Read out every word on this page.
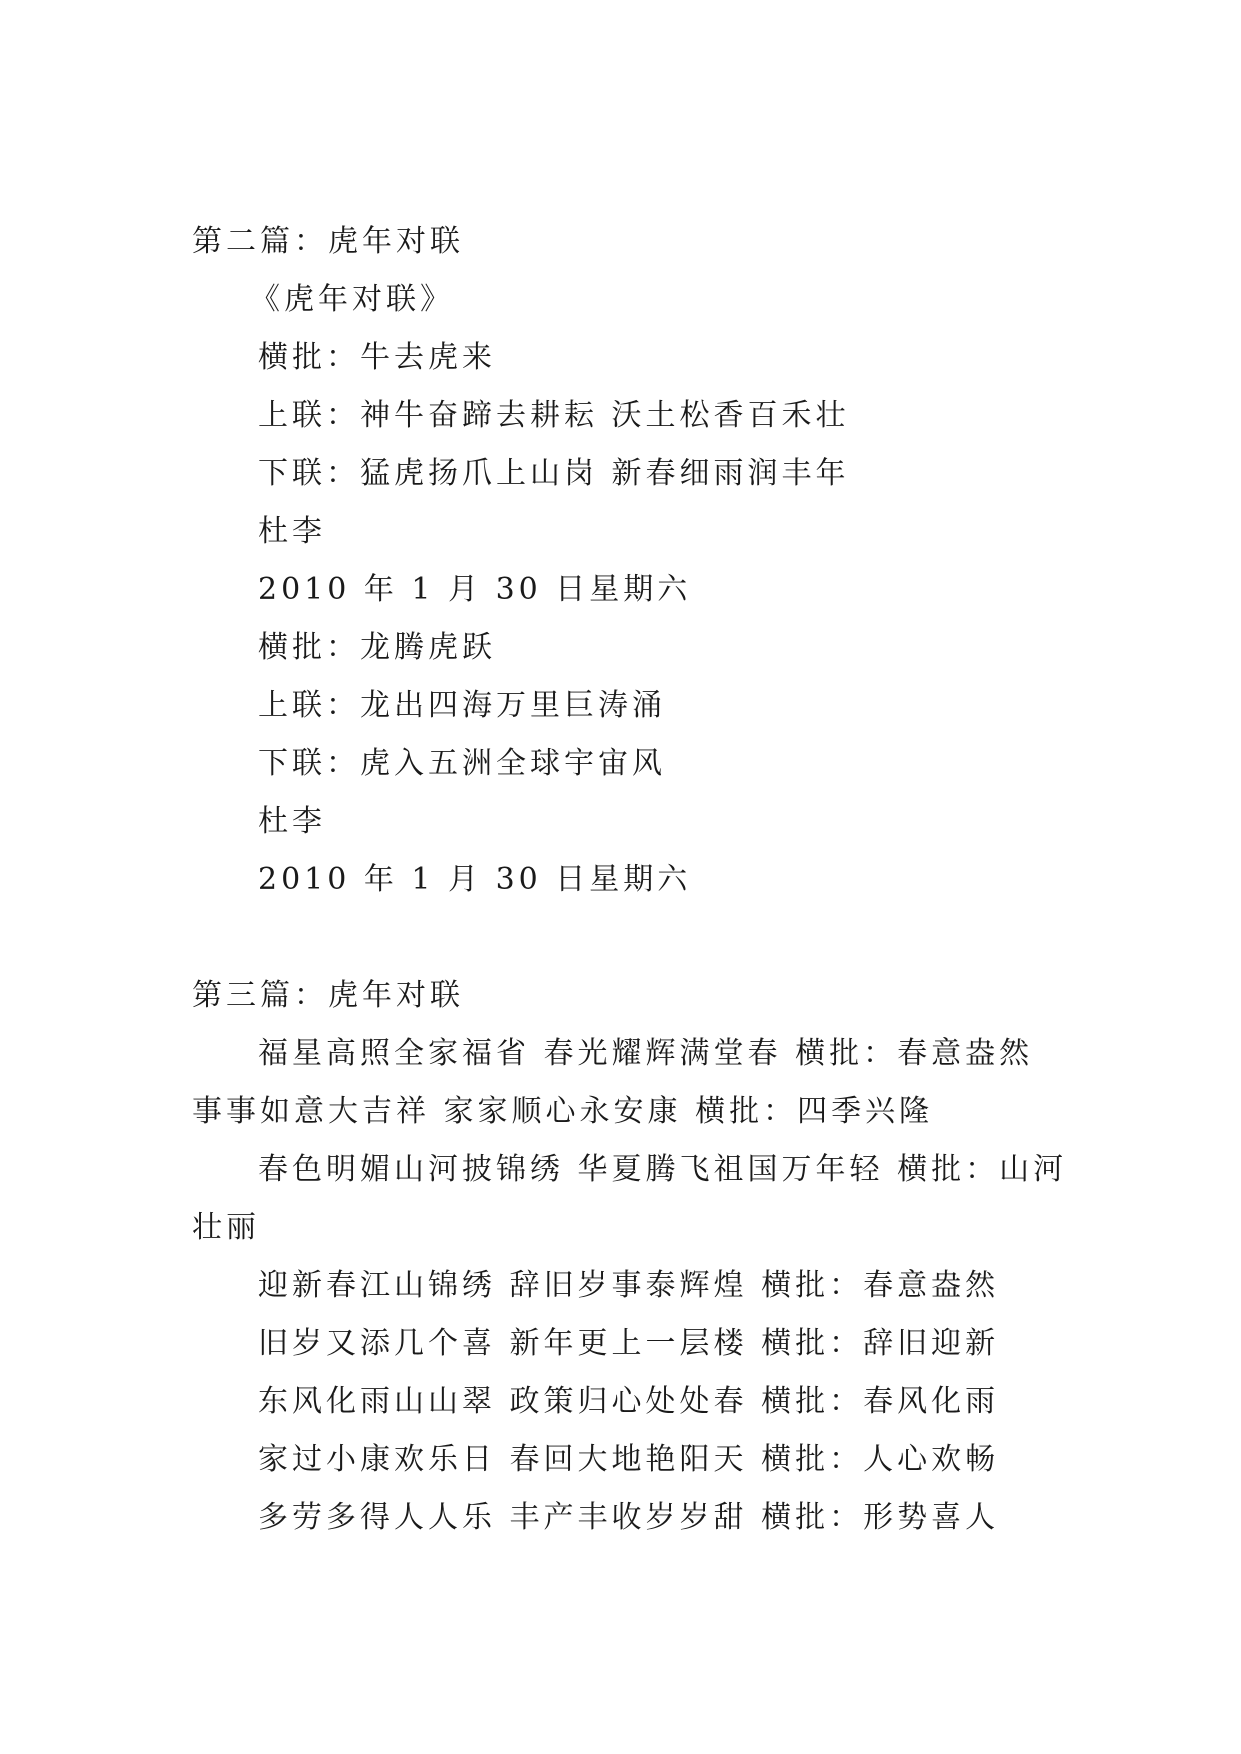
第二篇：虎年对联
《虎年对联》
横批：牛去虎来
上联：神牛奋蹄去耕耘 沃土松香百禾壮
下联：猛虎扬爪上山岗 新春细雨润丰年
杜李
2010 年 1 月 30 日星期六
横批：龙腾虎跃
上联：龙出四海万里巨涛涌
下联：虎入五洲全球宇宙风
杜李
2010 年 1 月 30 日星期六
第三篇：虎年对联
福星高照全家福省 春光耀辉满堂春 横批：春意盎然
事事如意大吉祥 家家顺心永安康 横批：四季兴隆
春色明媚山河披锦绣 华夏腾飞祖国万年轻 横批：山河
壮丽
迎新春江山锦绣 辞旧岁事泰辉煌 横批：春意盎然
旧岁又添几个喜 新年更上一层楼 横批：辞旧迎新
东风化雨山山翠 政策归心处处春 横批：春风化雨
家过小康欢乐日 春回大地艳阳天 横批：人心欢畅
多劳多得人人乐 丰产丰收岁岁甜 横批：形势喜人
